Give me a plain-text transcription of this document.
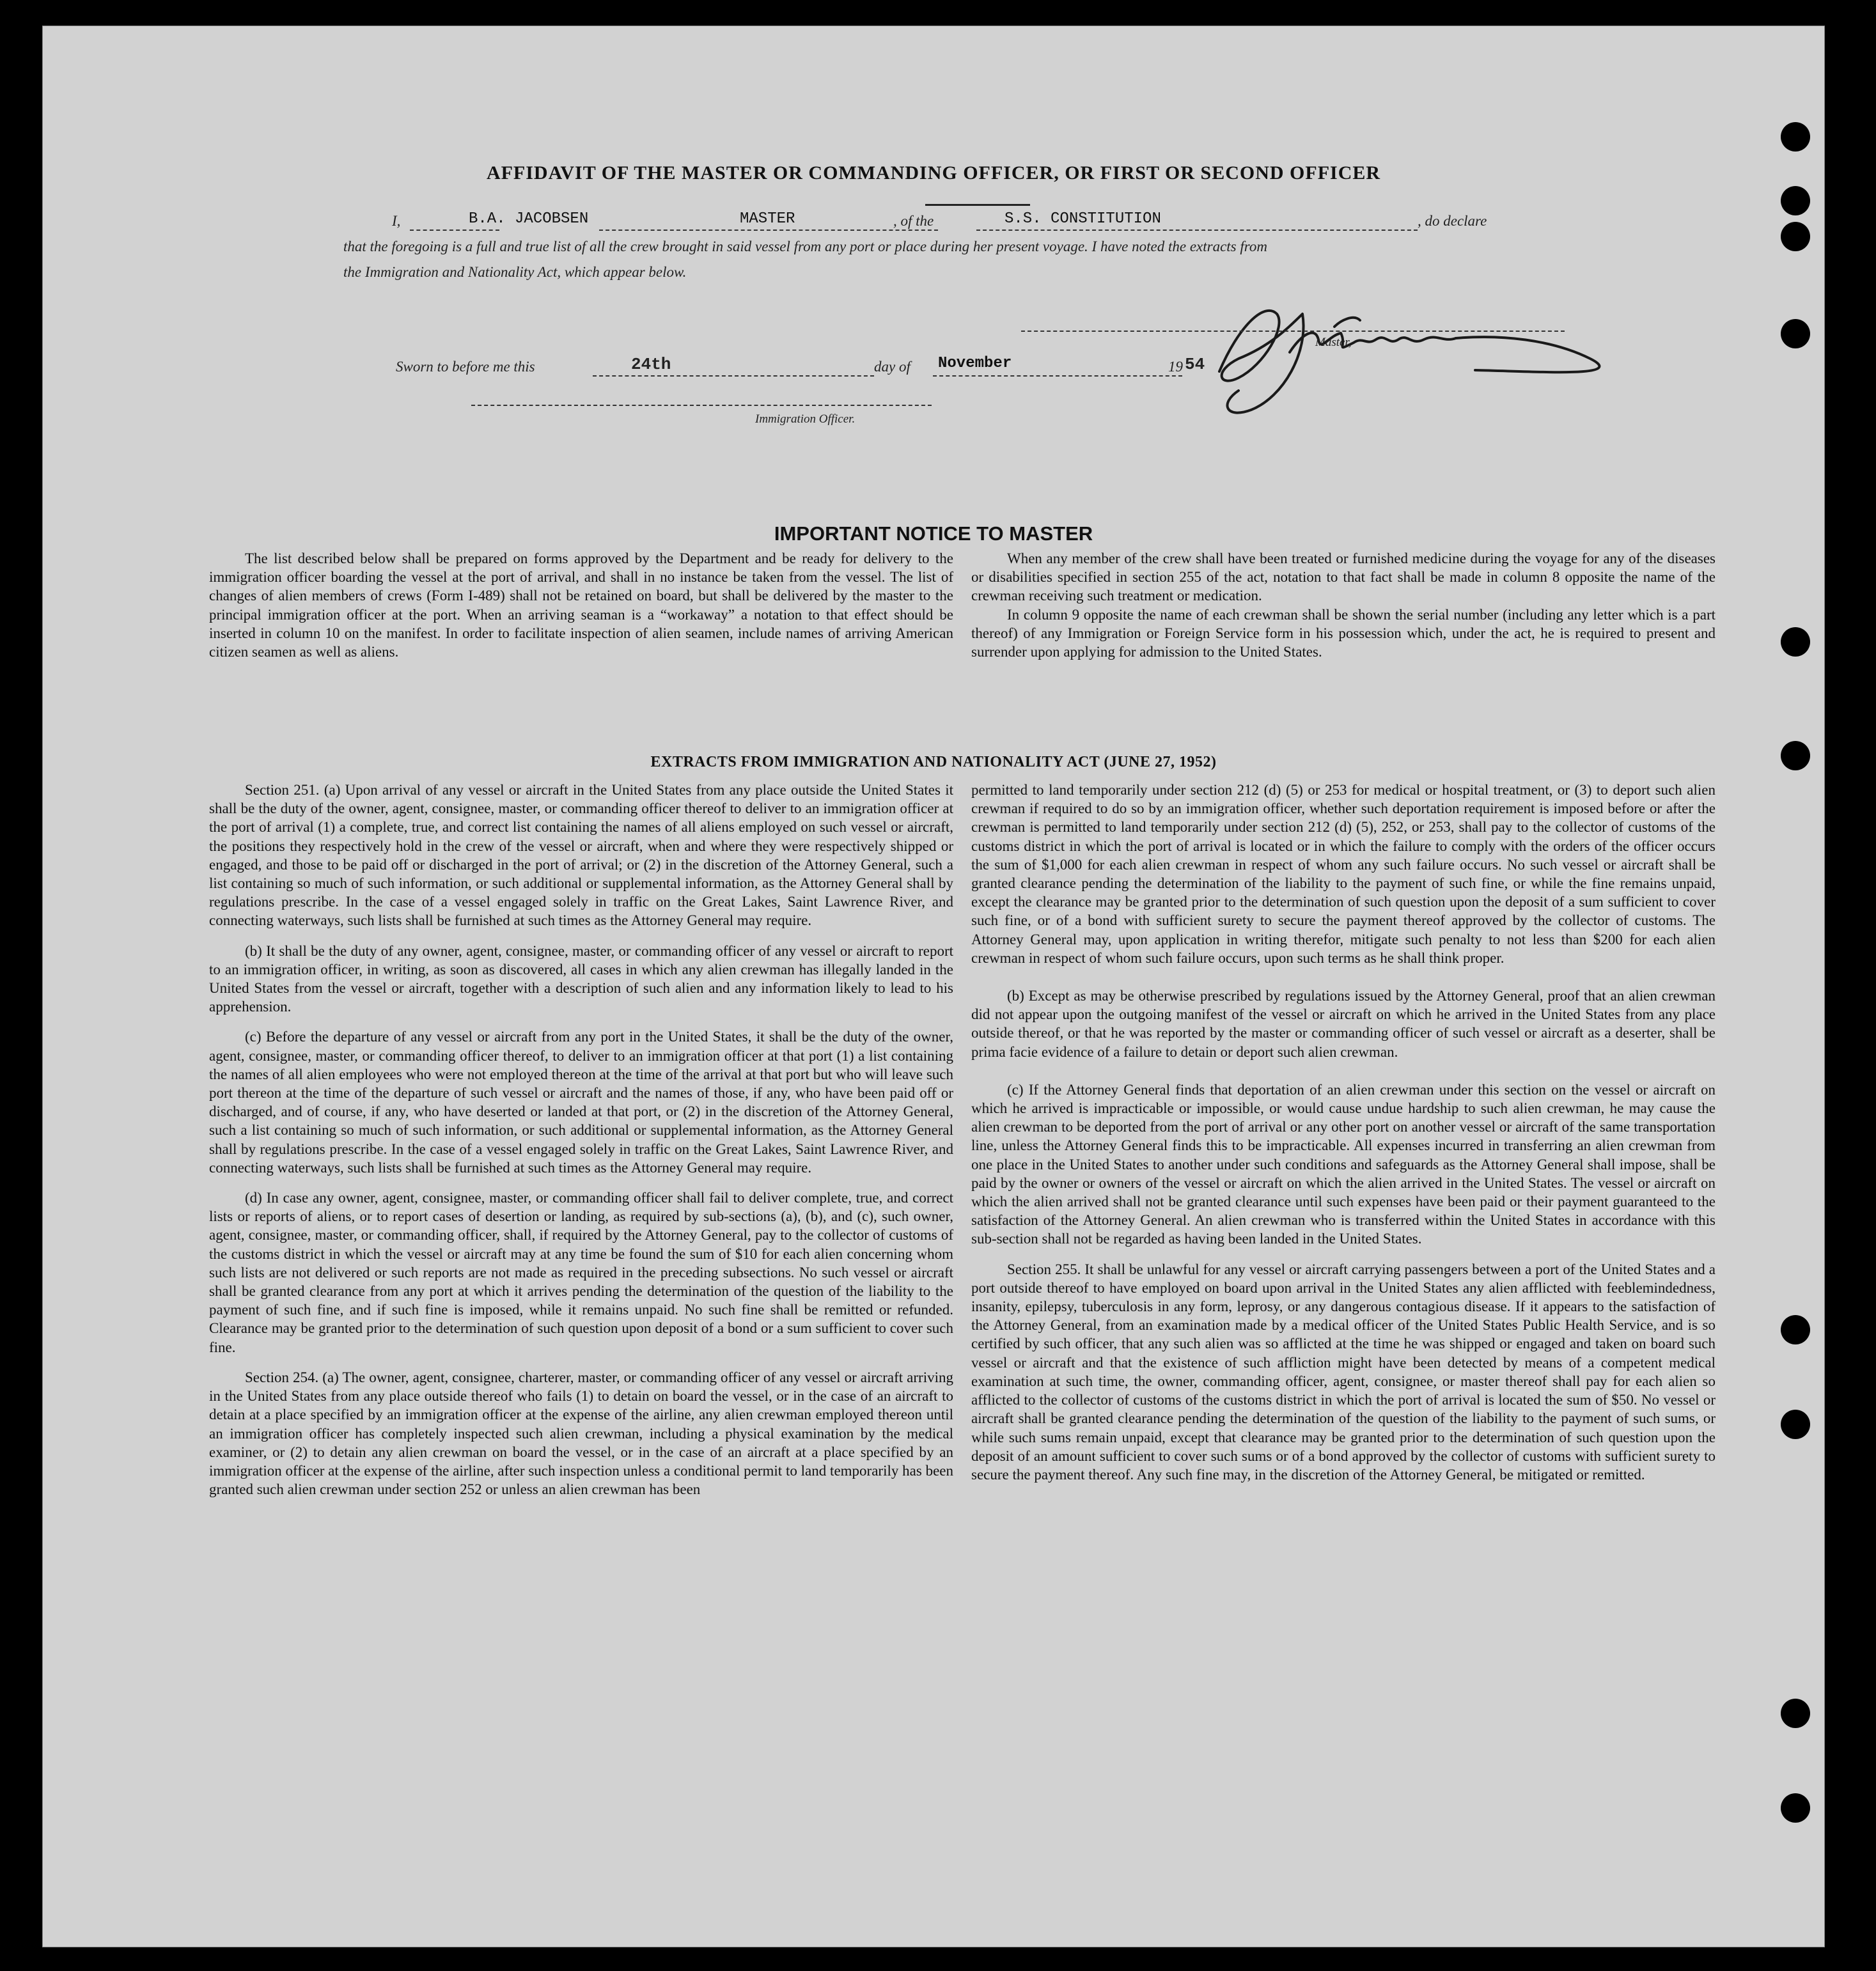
AFFIDAVIT OF THE MASTER OR COMMANDING OFFICER, OR FIRST OR SECOND OFFICER
I,	B.A. JACOBSEN	MASTER	, of the	S.S. CONSTITUTION	, do declare
that the foregoing is a full and true list of all the crew brought in said vessel from any port or place during her present voyage. I have noted the extracts from
the Immigration and Nationality Act, which appear below.
Master,
Sworn to before me this	24th	day of November	19 54
Immigration Officer.
IMPORTANT NOTICE TO MASTER

The list described below shall be prepared on forms approved by the Department and be ready for delivery to the immigration officer boarding the vessel at the port of arrival, and shall in no instance be taken from the vessel. The list of changes of alien members of crews (Form I-489) shall not be retained on board, but shall be delivered by the master to the principal immigration officer at the port. When an arriving seaman is a “workaway” a notation to that effect should be inserted in column 10 on the manifest. In order to facilitate inspection of alien seamen, include names of arriving American citizen seamen as well as aliens.

When any member of the crew shall have been treated or furnished medicine during the voyage for any of the diseases or disabilities specified in section 255 of the act, notation to that fact shall be made in column 8 opposite the name of the crewman receiving such treatment or medication.

In column 9 opposite the name of each crewman shall be shown the serial number (including any letter which is a part thereof) of any Immigration or Foreign Service form in his possession which, under the act, he is required to present and surrender upon applying for admission to the United States.

EXTRACTS FROM IMMIGRATION AND NATIONALITY ACT (JUNE 27, 1952)

Section 251. (a) Upon arrival of any vessel or aircraft in the United States from any place outside the United States it shall be the duty of the owner, agent, consignee, master, or commanding officer thereof to deliver to an immigration officer at the port of arrival (1) a complete, true, and correct list containing the names of all aliens employed on such vessel or aircraft, the positions they respectively hold in the crew of the vessel or aircraft, when and where they were respectively shipped or engaged, and those to be paid off or discharged in the port of arrival; or (2) in the discretion of the Attorney General, such a list containing so much of such information, or such additional or supplemental information, as the Attorney General shall by regulations prescribe. In the case of a vessel engaged solely in traffic on the Great Lakes, Saint Lawrence River, and connecting waterways, such lists shall be furnished at such times as the Attorney General may require.

(b) It shall be the duty of any owner, agent, consignee, master, or commanding officer of any vessel or aircraft to report to an immigration officer, in writing, as soon as discovered, all cases in which any alien crewman has illegally landed in the United States from the vessel or aircraft, together with a description of such alien and any information likely to lead to his apprehension.

(c) Before the departure of any vessel or aircraft from any port in the United States, it shall be the duty of the owner, agent, consignee, master, or commanding officer thereof, to deliver to an immigration officer at that port (1) a list containing the names of all alien employees who were not employed thereon at the time of the arrival at that port but who will leave such port thereon at the time of the departure of such vessel or aircraft and the names of those, if any, who have been paid off or discharged, and of course, if any, who have deserted or landed at that port, or (2) in the discretion of the Attorney General, such a list containing so much of such information, or such additional or supplemental information, as the Attorney General shall by regulations prescribe. In the case of a vessel engaged solely in traffic on the Great Lakes, Saint Lawrence River, and connecting waterways, such lists shall be furnished at such times as the Attorney General may require.

(d) In case any owner, agent, consignee, master, or commanding officer shall fail to deliver complete, true, and correct lists or reports of aliens, or to report cases of desertion or landing, as required by sub-sections (a), (b), and (c), such owner, agent, consignee, master, or commanding officer, shall, if required by the Attorney General, pay to the collector of customs of the customs district in which the vessel or aircraft may at any time be found the sum of $10 for each alien concerning whom such lists are not delivered or such reports are not made as required in the preceding subsections. No such vessel or aircraft shall be granted clearance from any port at which it arrives pending the determination of the question of the liability to the payment of such fine, and if such fine is imposed, while it remains unpaid. No such fine shall be remitted or refunded. Clearance may be granted prior to the determination of such question upon deposit of a bond or a sum sufficient to cover such fine.

Section 254. (a) The owner, agent, consignee, charterer, master, or commanding officer of any vessel or aircraft arriving in the United States from any place outside thereof who fails (1) to detain on board the vessel, or in the case of an aircraft to detain at a place specified by an immigration officer at the expense of the airline, any alien crewman employed thereon until an immigration officer has completely inspected such alien crewman, including a physical examination by the medical examiner, or (2) to detain any alien crewman on board the vessel, or in the case of an aircraft at a place specified by an immigration officer at the expense of the airline, after such inspection unless a conditional permit to land temporarily has been granted such alien crewman under section 252 or unless an alien crewman has been

permitted to land temporarily under section 212 (d) (5) or 253 for medical or hospital treatment, or (3) to deport such alien crewman if required to do so by an immigration officer, whether such deportation requirement is imposed before or after the crewman is permitted to land temporarily under section 212 (d) (5), 252, or 253, shall pay to the collector of customs of the customs district in which the port of arrival is located or in which the failure to comply with the orders of the officer occurs the sum of $1,000 for each alien crewman in respect of whom any such failure occurs. No such vessel or aircraft shall be granted clearance pending the determination of the liability to the payment of such fine, or while the fine remains unpaid, except the clearance may be granted prior to the determination of such question upon the deposit of a sum sufficient to cover such fine, or of a bond with sufficient surety to secure the payment thereof approved by the collector of customs. The Attorney General may, upon application in writing therefor, mitigate such penalty to not less than $200 for each alien crewman in respect of whom such failure occurs, upon such terms as he shall think proper.

(b) Except as may be otherwise prescribed by regulations issued by the Attorney General, proof that an alien crewman did not appear upon the outgoing manifest of the vessel or aircraft on which he arrived in the United States from any place outside thereof, or that he was reported by the master or commanding officer of such vessel or aircraft as a deserter, shall be prima facie evidence of a failure to detain or deport such alien crewman.

(c) If the Attorney General finds that deportation of an alien crewman under this section on the vessel or aircraft on which he arrived is impracticable or impossible, or would cause undue hardship to such alien crewman, he may cause the alien crewman to be deported from the port of arrival or any other port on another vessel or aircraft of the same transportation line, unless the Attorney General finds this to be impracticable. All expenses incurred in transferring an alien crewman from one place in the United States to another under such conditions and safeguards as the Attorney General shall impose, shall be paid by the owner or owners of the vessel or aircraft on which the alien arrived in the United States. The vessel or aircraft on which the alien arrived shall not be granted clearance until such expenses have been paid or their payment guaranteed to the satisfaction of the Attorney General. An alien crewman who is transferred within the United States in accordance with this sub-section shall not be regarded as having been landed in the United States.

Section 255. It shall be unlawful for any vessel or aircraft carrying passengers between a port of the United States and a port outside thereof to have employed on board upon arrival in the United States any alien afflicted with feeblemindedness, insanity, epilepsy, tuberculosis in any form, leprosy, or any dangerous contagious disease. If it appears to the satisfaction of the Attorney General, from an examination made by a medical officer of the United States Public Health Service, and is so certified by such officer, that any such alien was so afflicted at the time he was shipped or engaged and taken on board such vessel or aircraft and that the existence of such affliction might have been detected by means of a competent medical examination at such time, the owner, commanding officer, agent, consignee, or master thereof shall pay for each alien so afflicted to the collector of customs of the customs district in which the port of arrival is located the sum of $50. No vessel or aircraft shall be granted clearance pending the determination of the question of the liability to the payment of such sums, or while such sums remain unpaid, except that clearance may be granted prior to the determination of such question upon the deposit of an amount sufficient to cover such sums or of a bond approved by the collector of customs with sufficient surety to secure the payment thereof. Any such fine may, in the discretion of the Attorney General, be mitigated or remitted.
